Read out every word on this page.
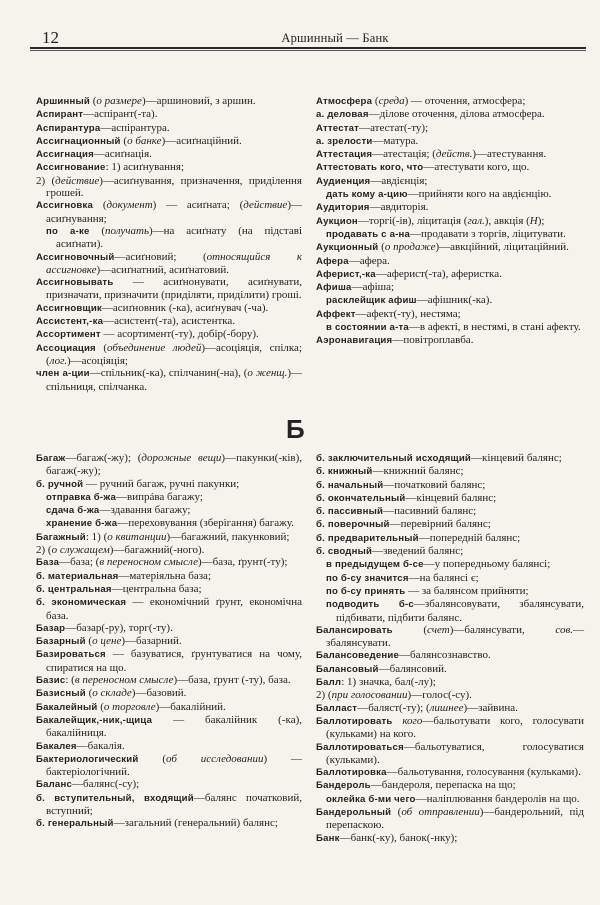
12	Аршинный — Банк
Аршинный (о размере)—аршиновий, з аршин.
Аспирант—аспірант(-та).
Аспирантура—аспірантура.
Ассигнационный (о банке)—асиґнаційний.
Ассигнация—асиґнація.
Ассигнование: 1) асиґнування;
2) (действие)—асиґнування, призначення, приділення грошей.
Ассигновка (документ) — асиґната; (действие)—асиґнування;
по а-ке (получать)—на асиґнату (на підставі асиґнати).
Ассигновочный—асиґновий; (относящийся к ассигновке)—асиґнатний, асиґнатовий.
Ассигновывать — асиґнонувати, асиґнувати, призначати, призначити (приділяти, приділити) гроші.
Ассигновщик—асиґновник (-ка), асиґнувач (-ча).
Ассистент,-ка—асистент(-та), асистентка.
Ассортимент — асортимент(-ту), добір(-бору).
Ассоциация (объединение людей)—асоціяція, спілка; (лог.)—асоціяція;
член а-ции—спільник(-ка), спілчанин(-на), (о женщ.)—спільниця, спілчанка.
Атмосфера (среда) — оточення, атмосфера;
а. деловая—ділове оточення, ділова атмосфера.
Аттестат—атестат(-ту);
а. зрелости—матура.
Аттестация—атестація; (действ.)—атестування.
Аттестовать кого, что—атестувати кого, що.
Аудиенция—авдієнція;
дать кому а-цию—прийняти кого на авдієнцію.
Аудитория—авдиторія.
Аукцион—торгі(-ів), ліцитація (гал.), авкція (Н);
продавать с а-на—продавати з торгів, ліцитувати.
Аукционный (о продаже)—авкційний, ліцитаційний.
Афера—афера.
Аферист,-ка—аферист(-та), аферистка.
Афиша—афіша;
расклейщик афиш—афішник(-ка).
Аффект—афект(-ту), нестяма;
в состоянии а-та—в афекті, в нестямі, в стані афекту.
Аэронавигация—повітроплавба.
Б
Багаж—багаж(-жу); (дорожные вещи)—пакунки(-ків), багаж(-жу);
б. ручной — ручний багаж, ручні пакунки;
отправка б-жа—випрáва багажу;
сдача б-жа—здавання багажу;
хранение б-жа—переховування (зберігання) багажу.
Багажный: 1) (о квитанции)—багажний, пакунковий;
2) (о служащем)—багажний(-ного).
База—база; (в переносном смысле)—база, ґрунт(-ту);
б. материальная—матеріяльна база;
б. центральная—центральна база;
б. экономическая — економічний ґрунт, економічна база.
Базар—базар(-ру), торг(-ту).
Базарный (о цене)—базарний.
Базироваться — базуватися, ґрунтуватися на чому, спиратися на що.
Базис: (в переносном смысле)—база, ґрунт (-ту), база.
Базисный (о складе)—базовий.
Бакалейный (о торговле)—бакалійний.
Бакалейщик,-ник,-щица — бакалійник (-ка), бакалійниця.
Бакалея—бакалія.
Бактериологический (об исследовании) — бактеріологічний.
Баланс—балянс(-су);
б. вступительный, входящий—балянс початковий, вступний;
б. генеральный—загальний (генеральний) балянс;
б. заключительный исходящий—кінцевий балянс;
б. книжный—книжний балянс;
б. начальный—початковий балянс;
б. окончательный—кінцевий балянс;
б. пассивный—пасивний балянс;
б. поверочный—перевірний балянс;
б. предварительный—попередній балянс;
б. сводный—зведений балянс;
в предыдущем б-се—у попередньому балянсі;
по б-су значится—на балянсі є;
по б-су принять — за балянсом прийняти;
подводить б-с—збалянсовувати, збалянсувати, підбивати, підбити балянс.
Балансировать (счет)—балянсувати, сов.—збалянсувати.
Балансоведение—балянсознавство.
Балансовый—балянсовий.
Балл: 1) значка, бал(-лу);
2) (при голосовании)—голос(-су).
Балласт—баляст(-ту); (лишнее)—зайвина.
Баллотировать кого—бальотувати кого, голосувати (кульками) на кого.
Баллотироваться—бальотуватися, голосуватися (кульками).
Баллотировка—бальотування, голосування (кульками).
Бандероль—бандероля, перепаска на що;
оклейка б-ми чего—наліплювання бандеролів на що.
Бандерольный (об отправлении)—бандерольний, під перепаскою.
Банк—банк(-ку), банок(-нку);
